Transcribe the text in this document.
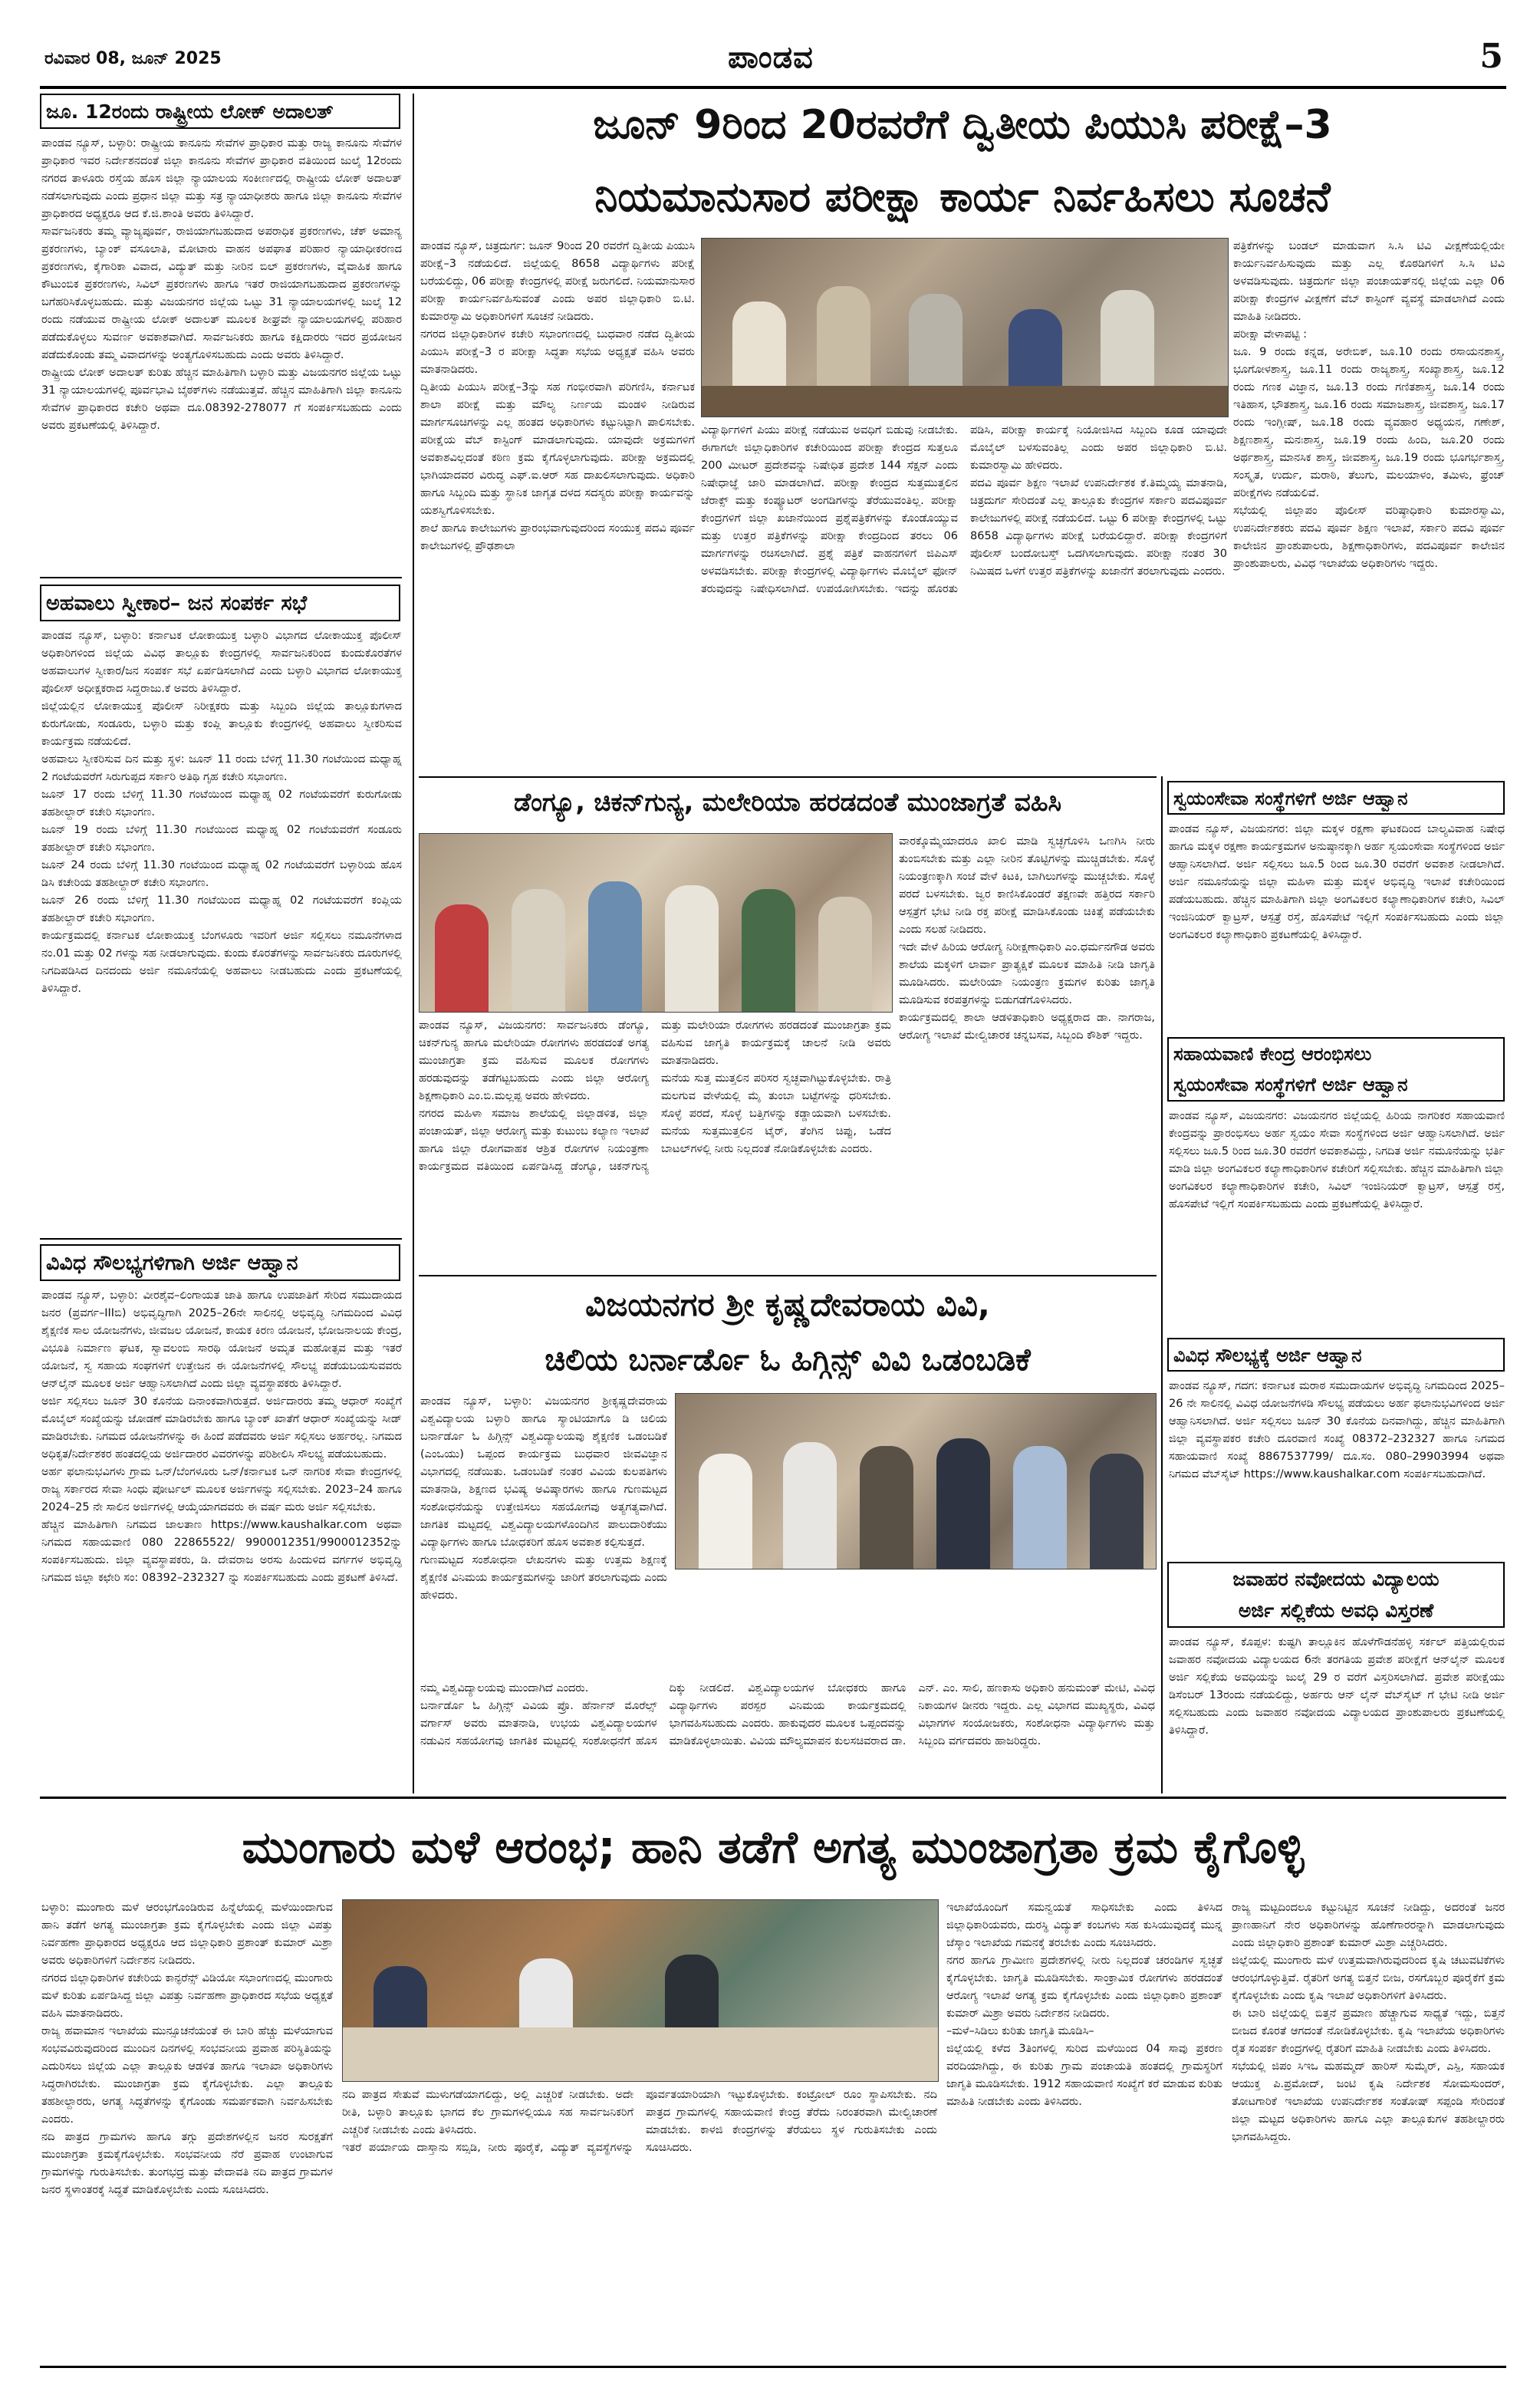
ರವಿವಾರ 08, ಜೂನ್ 2025	ಪಾಂಡವ	5
ಜೂ. 12ರಂದು ರಾಷ್ಟ್ರೀಯ ಲೋಕ್ ಅದಾಲತ್
ಪಾಂಡವ ನ್ಯೂಸ್, ಬಳ್ಳಾರಿ: ರಾಷ್ಟ್ರೀಯ ಕಾನೂನು ಸೇವೆಗಳ ಪ್ರಾಧಿಕಾರ ಮತ್ತು ರಾಜ್ಯ ಕಾನೂನು ಸೇವೆಗಳ ಪ್ರಾಧಿಕಾರ ಇವರ ನಿರ್ದೇಶನದಂತೆ ಜಿಲ್ಲಾ ಕಾನೂನು ಸೇವೆಗಳ ಪ್ರಾಧಿಕಾರ ವತಿಯಿಂದ ಜುಲೈ 12ರಂದು ನಗರದ ತಾಳೂರು ರಸ್ತೆಯ ಹೊಸ ಜಿಲ್ಲಾ ನ್ಯಾಯಾಲಯ ಸಂಕೀರ್ಣದಲ್ಲಿ ರಾಷ್ಟ್ರೀಯ ಲೋಕ್ ಅದಾಲತ್ ನಡೆಸಲಾಗುವುದು ಎಂದು ಪ್ರಧಾನ ಜಿಲ್ಲಾ ಮತ್ತು ಸತ್ರ ನ್ಯಾಯಾಧೀಶರು ಹಾಗೂ ಜಿಲ್ಲಾ ಕಾನೂನು ಸೇವೆಗಳ ಪ್ರಾಧಿಕಾರದ ಅಧ್ಯಕ್ಷರೂ ಆದ ಕೆ.ಜಿ.ಶಾಂತಿ ಅವರು ತಿಳಿಸಿದ್ದಾರೆ.
ಸಾರ್ವಜನಿಕರು ತಮ್ಮ ವ್ಯಾಜ್ಯಪೂರ್ವ, ರಾಜಿಯಾಗಬಹುದಾದ ಅಪರಾಧಿಕ ಪ್ರಕರಣಗಳು, ಚೆಕ್ ಅಮಾನ್ಯ ಪ್ರಕರಣಗಳು, ಬ್ಯಾಂಕ್ ವಸೂಲಾತಿ, ಮೋಟಾರು ವಾಹನ ಅಪಘಾತ ಪರಿಹಾರ ನ್ಯಾಯಾಧೀಕರಣದ ಪ್ರಕರಣಗಳು, ಕೈಗಾರಿಕಾ ವಿವಾದ, ವಿದ್ಯುತ್ ಮತ್ತು ನೀರಿನ ಬಿಲ್ ಪ್ರಕರಣಗಳು, ವೈವಾಹಿಕ ಹಾಗೂ ಕೌಟುಂಬಿಕ ಪ್ರಕರಣಗಳು, ಸಿವಿಲ್ ಪ್ರಕರಣಗಳು ಹಾಗೂ ಇತರೆ ರಾಜಿಯಾಗಬಹುದಾದ ಪ್ರಕರಣಗಳನ್ನು ಬಗೆಹರಿಸಿಕೊಳ್ಳಬಹುದು. ಮತ್ತು ವಿಜಯನಗರ ಜಿಲ್ಲೆಯ ಒಟ್ಟು 31 ನ್ಯಾಯಾಲಯಗಳಲ್ಲಿ ಜುಲೈ 12 ರಂದು ನಡೆಯುವ ರಾಷ್ಟ್ರೀಯ ಲೋಕ್ ಅದಾಲತ್ ಮೂಲಕ ಶೀಘ್ರವೇ ನ್ಯಾಯಾಲಯಗಳಲ್ಲಿ ಪರಿಹಾರ ಪಡೆದುಕೊಳ್ಳಲು ಸುವರ್ಣ ಅವಕಾಶವಾಗಿದೆ. ಸಾರ್ವಜನಿಕರು ಹಾಗೂ ಕಕ್ಷಿದಾರರು ಇದರ ಪ್ರಯೋಜನ ಪಡೆದುಕೊಂಡು ತಮ್ಮ ವಿವಾದಗಳನ್ನು ಅಂತ್ಯಗೊಳಿಸಬಹುದು ಎಂದು ಅವರು ತಿಳಿಸಿದ್ದಾರೆ.
ರಾಷ್ಟ್ರೀಯ ಲೋಕ್ ಅದಾಲತ್ ಕುರಿತು ಹೆಚ್ಚಿನ ಮಾಹಿತಿಗಾಗಿ ಬಳ್ಳಾರಿ ಮತ್ತು ವಿಜಯನಗರ ಜಿಲ್ಲೆಯ ಒಟ್ಟು 31 ನ್ಯಾಯಾಲಯಗಳಲ್ಲಿ ಪೂರ್ವಭಾವಿ ಬೈಠಕ್‌ಗಳು ನಡೆಯುತ್ತವೆ. ಹೆಚ್ಚಿನ ಮಾಹಿತಿಗಾಗಿ ಜಿಲ್ಲಾ ಕಾನೂನು ಸೇವೆಗಳ ಪ್ರಾಧಿಕಾರದ ಕಚೇರಿ ಅಥವಾ ದೂ.08392-278077 ಗೆ ಸಂಪರ್ಕಿಸಬಹುದು ಎಂದು ಅವರು ಪ್ರಕಟಣೆಯಲ್ಲಿ ತಿಳಿಸಿದ್ದಾರೆ.
ಅಹವಾಲು ಸ್ವೀಕಾರ– ಜನ ಸಂಪರ್ಕ ಸಭೆ
ಪಾಂಡವ ನ್ಯೂಸ್, ಬಳ್ಳಾರಿ: ಕರ್ನಾಟಕ ಲೋಕಾಯುಕ್ತ ಬಳ್ಳಾರಿ ವಿಭಾಗದ ಲೋಕಾಯುಕ್ತ ಪೊಲೀಸ್ ಅಧಿಕಾರಿಗಳಿಂದ ಜಿಲ್ಲೆಯ ವಿವಿಧ ತಾಲ್ಲೂಕು ಕೇಂದ್ರಗಳಲ್ಲಿ ಸಾರ್ವಜನಿಕರಿಂದ ಕುಂದುಕೊರತೆಗಳ ಅಹವಾಲುಗಳ ಸ್ವೀಕಾರ/ಜನ ಸಂಪರ್ಕ ಸಭೆ ಏರ್ಪಡಿಸಲಾಗಿದೆ ಎಂದು ಬಳ್ಳಾರಿ ವಿಭಾಗದ ಲೋಕಾಯುಕ್ತ ಪೊಲೀಸ್ ಅಧೀಕ್ಷಕರಾದ ಸಿದ್ದರಾಜು.ಕೆ ಅವರು ತಿಳಿಸಿದ್ದಾರೆ.
ಜಿಲ್ಲೆಯಲ್ಲಿನ ಲೋಕಾಯುಕ್ತ ಪೊಲೀಸ್ ನಿರೀಕ್ಷಕರು ಮತ್ತು ಸಿಬ್ಬಂದಿ ಜಿಲ್ಲೆಯ ತಾಲ್ಲೂಕುಗಳಾದ ಕುರುಗೋಡು, ಸಂಡೂರು, ಬಳ್ಳಾರಿ ಮತ್ತು ಕಂಪ್ಲಿ ತಾಲ್ಲೂಕು ಕೇಂದ್ರಗಳಲ್ಲಿ ಅಹವಾಲು ಸ್ವೀಕರಿಸುವ ಕಾರ್ಯಕ್ರಮ ನಡೆಯಲಿದೆ.
ಅಹವಾಲು ಸ್ವೀಕರಿಸುವ ದಿನ ಮತ್ತು ಸ್ಥಳ: ಜೂನ್ 11 ರಂದು ಬೆಳಿಗ್ಗೆ 11.30 ಗಂಟೆಯಿಂದ ಮಧ್ಯಾಹ್ನ 2 ಗಂಟೆಯವರೆಗೆ ಸಿರುಗುಪ್ಪದ ಸರ್ಕಾರಿ ಅತಿಥಿ ಗೃಹ ಕಚೇರಿ ಸಭಾಂಗಣ.
ಜೂನ್ 17 ರಂದು ಬೆಳಿಗ್ಗೆ 11.30 ಗಂಟೆಯಿಂದ ಮಧ್ಯಾಹ್ನ 02 ಗಂಟೆಯವರೆಗೆ ಕುರುಗೋಡು ತಹಶೀಲ್ದಾರ್ ಕಚೇರಿ ಸಭಾಂಗಣ.
ಜೂನ್ 19 ರಂದು ಬೆಳಿಗ್ಗೆ 11.30 ಗಂಟೆಯಿಂದ ಮಧ್ಯಾಹ್ನ 02 ಗಂಟೆಯವರೆಗೆ ಸಂಡೂರು ತಹಶೀಲ್ದಾರ್ ಕಚೇರಿ ಸಭಾಂಗಣ.
ಜೂನ್ 24 ರಂದು ಬೆಳಿಗ್ಗೆ 11.30 ಗಂಟೆಯಿಂದ ಮಧ್ಯಾಹ್ನ 02 ಗಂಟೆಯವರೆಗೆ ಬಳ್ಳಾರಿಯ ಹೊಸ ಡಿಸಿ ಕಚೇರಿಯ ತಹಶೀಲ್ದಾರ್ ಕಚೇರಿ ಸಭಾಂಗಣ.
ಜೂನ್ 26 ರಂದು ಬೆಳಿಗ್ಗೆ 11.30 ಗಂಟೆಯಿಂದ ಮಧ್ಯಾಹ್ನ 02 ಗಂಟೆಯವರೆಗೆ ಕಂಪ್ಲಿಯ ತಹಶೀಲ್ದಾರ್ ಕಚೇರಿ ಸಭಾಂಗಣ.
ಕಾರ್ಯಕ್ರಮದಲ್ಲಿ ಕರ್ನಾಟಕ ಲೋಕಾಯುಕ್ತ ಬೆಂಗಳೂರು ಇವರಿಗೆ ಅರ್ಜಿ ಸಲ್ಲಿಸಲು ನಮೂನೆಗಳಾದ ನಂ.01 ಮತ್ತು 02 ಗಳನ್ನು ಸಹ ನೀಡಲಾಗುವುದು. ಕುಂದು ಕೊರತೆಗಳನ್ನು ಸಾರ್ವಜನಿಕರು ದೂರುಗಳಲ್ಲಿ ನಿಗದಿಪಡಿಸಿದ ದಿನದಂದು ಅರ್ಜಿ ನಮೂನೆಯಲ್ಲಿ ಅಹವಾಲು ನೀಡಬಹುದು ಎಂದು ಪ್ರಕಟಣೆಯಲ್ಲಿ ತಿಳಿಸಿದ್ದಾರೆ.
ವಿವಿಧ ಸೌಲಭ್ಯಗಳಿಗಾಗಿ ಅರ್ಜಿ ಆಹ್ವಾನ
ಪಾಂಡವ ನ್ಯೂಸ್, ಬಳ್ಳಾರಿ: ವೀರಶೈವ–ಲಿಂಗಾಯತ ಜಾತಿ ಹಾಗೂ ಉಪಜಾತಿಗೆ ಸೇರಿದ ಸಮುದಾಯದ ಜನರ (ಪ್ರವರ್ಗ–IIIಬಿ) ಅಭಿವೃದ್ಧಿಗಾಗಿ 2025–26ನೇ ಸಾಲಿನಲ್ಲಿ ಅಭಿವೃದ್ಧಿ ನಿಗಮದಿಂದ ವಿವಿಧ ಶೈಕ್ಷಣಿಕ ಸಾಲ ಯೋಜನೆಗಳು, ಜೀವಜಲ ಯೋಜನೆ, ಕಾಯಕ ಕಿರಣ ಯೋಜನೆ, ಭೋಜನಾಲಯ ಕೇಂದ್ರ, ವಿಭೂತಿ ನಿರ್ಮಾಣ ಘಟಕ, ಸ್ವಾವಲಂಬಿ ಸಾರಥಿ ಯೋಜನೆ ಅಮೃತ ಮಹೋತ್ಸವ ಮತ್ತು ಇತರೆ ಯೋಜನೆ, ಸ್ವ ಸಹಾಯ ಸಂಘಗಳಿಗೆ ಉತ್ತೇಜನ ಈ ಯೋಜನೆಗಳಲ್ಲಿ ಸೌಲಭ್ಯ ಪಡೆಯಬಯಸುವವರು ಆನ್‌ಲೈನ್ ಮೂಲಕ ಅರ್ಜಿ ಆಹ್ವಾನಿಸಲಾಗಿದೆ ಎಂದು ಜಿಲ್ಲಾ ವ್ಯವಸ್ಥಾಪಕರು ತಿಳಿಸಿದ್ದಾರೆ.
ಅರ್ಜಿ ಸಲ್ಲಿಸಲು ಜೂನ್ 30 ಕೊನೆಯ ದಿನಾಂಕವಾಗಿರುತ್ತದೆ. ಅರ್ಜಿದಾರರು ತಮ್ಮ ಆಧಾರ್ ಸಂಖ್ಯೆಗೆ ಮೊಬೈಲ್ ಸಂಖ್ಯೆಯನ್ನು ಜೋಡಣೆ ಮಾಡಿರಬೇಕು ಹಾಗೂ ಬ್ಯಾಂಕ್ ಖಾತೆಗೆ ಆಧಾರ್ ಸಂಖ್ಯೆಯನ್ನು ಸೀಡ್ ಮಾಡಿರಬೇಕು. ನಿಗಮದ ಯೋಜನೆಗಳನ್ನು ಈ ಹಿಂದೆ ಪಡೆದವರು ಅರ್ಜಿ ಸಲ್ಲಿಸಲು ಅರ್ಹರಲ್ಲ. ನಿಗಮದ ಅಧಿಕೃತ/ನಿರ್ದೇಶಕರ ಹಂತದಲ್ಲಿಯ ಅರ್ಜಿದಾರರ ವಿವರಗಳನ್ನು ಪರಿಶೀಲಿಸಿ ಸೌಲಭ್ಯ ಪಡೆಯಬಹುದು.
ಅರ್ಹ ಫಲಾನುಭವಿಗಳು ಗ್ರಾಮ ಒನ್/ಬೆಂಗಳೂರು ಒನ್/ಕರ್ನಾಟಕ ಒನ್ ನಾಗರಿಕ ಸೇವಾ ಕೇಂದ್ರಗಳಲ್ಲಿ ರಾಜ್ಯ ಸರ್ಕಾರದ ಸೇವಾ ಸಿಂಧು ಪೋರ್ಟಲ್ ಮೂಲಕ ಅರ್ಜಿಗಳನ್ನು ಸಲ್ಲಿಸಬೇಕು. 2023–24 ಹಾಗೂ 2024–25 ನೇ ಸಾಲಿನ ಅರ್ಜಿಗಳಲ್ಲಿ ಆಯ್ಕೆಯಾಗದವರು ಈ ವರ್ಷ ಮರು ಅರ್ಜಿ ಸಲ್ಲಿಸಬೇಕು.
ಹೆಚ್ಚಿನ ಮಾಹಿತಿಗಾಗಿ ನಿಗಮದ ಜಾಲತಾಣ https://www.kaushalkar.com ಅಥವಾ ನಿಗಮದ ಸಹಾಯವಾಣಿ 080 22865522/ 9900012351/9900012352ನ್ನು ಸಂಪರ್ಕಿಸಬಹುದು. ಜಿಲ್ಲಾ ವ್ಯವಸ್ಥಾಪಕರು, ಡಿ. ದೇವರಾಜ ಅರಸು ಹಿಂದುಳಿದ ವರ್ಗಗಳ ಅಭಿವೃದ್ಧಿ ನಿಗಮದ ಜಿಲ್ಲಾ ಕಛೇರಿ ಸಂ: 08392–232327 ನ್ನು ಸಂಪರ್ಕಿಸಬಹುದು ಎಂದು ಪ್ರಕಟಣೆ ತಿಳಿಸಿದೆ.
ಜೂನ್ 9ರಿಂದ 20ರವರೆಗೆ ದ್ವಿತೀಯ ಪಿಯುಸಿ ಪರೀಕ್ಷೆ–3
ನಿಯಮಾನುಸಾರ ಪರೀಕ್ಷಾ ಕಾರ್ಯ ನಿರ್ವಹಿಸಲು ಸೂಚನೆ
ಪಾಂಡವ ನ್ಯೂಸ್, ಚಿತ್ರದುರ್ಗ: ಜೂನ್ 9ರಿಂದ 20 ರವರೆಗೆ ದ್ವಿತೀಯ ಪಿಯುಸಿ ಪರೀಕ್ಷೆ–3 ನಡೆಯಲಿದೆ. ಜಿಲ್ಲೆಯಲ್ಲಿ 8658 ವಿದ್ಯಾರ್ಥಿಗಳು ಪರೀಕ್ಷೆ ಬರೆಯಲಿದ್ದು, 06 ಪರೀಕ್ಷಾ ಕೇಂದ್ರಗಳಲ್ಲಿ ಪರೀಕ್ಷೆ ಜರುಗಲಿದೆ. ನಿಯಮಾನುಸಾರ ಪರೀಕ್ಷಾ ಕಾರ್ಯನಿರ್ವಹಿಸುವಂತೆ ಎಂದು ಅಪರ ಜಿಲ್ಲಾಧಿಕಾರಿ ಬಿ.ಟಿ. ಕುಮಾರಸ್ವಾಮಿ ಅಧಿಕಾರಿಗಳಿಗೆ ಸೂಚನೆ ನೀಡಿದರು.
ನಗರದ ಜಿಲ್ಲಾಧಿಕಾರಿಗಳ ಕಚೇರಿ ಸಭಾಂಗಣದಲ್ಲಿ ಬುಧವಾರ ನಡೆದ ದ್ವಿತೀಯ ಪಿಯುಸಿ ಪರೀಕ್ಷೆ–3 ರ ಪರೀಕ್ಷಾ ಸಿದ್ಧತಾ ಸಭೆಯ ಅಧ್ಯಕ್ಷತೆ ವಹಿಸಿ ಅವರು ಮಾತನಾಡಿದರು.
ದ್ವಿತೀಯ ಪಿಯುಸಿ ಪರೀಕ್ಷೆ–3ನ್ನು ಸಹ ಗಂಭೀರವಾಗಿ ಪರಿಗಣಿಸಿ, ಕರ್ನಾಟಕ ಶಾಲಾ ಪರೀಕ್ಷೆ ಮತ್ತು ಮೌಲ್ಯ ನಿರ್ಣಯ ಮಂಡಳಿ ನೀಡಿರುವ ಮಾರ್ಗಸೂಚಿಗಳನ್ನು ಎಲ್ಲ ಹಂತದ ಅಧಿಕಾರಿಗಳು ಕಟ್ಟುನಿಟ್ಟಾಗಿ ಪಾಲಿಸಬೇಕು. ಪರೀಕ್ಷೆಯ ವೆಬ್ ಕಾಸ್ಟಿಂಗ್ ಮಾಡಲಾಗುವುದು. ಯಾವುದೇ ಅಕ್ರಮಗಳಿಗೆ ಅವಕಾಶವಿಲ್ಲದಂತೆ ಕಠಿಣ ಕ್ರಮ ಕೈಗೊಳ್ಳಲಾಗುವುದು. ಪರೀಕ್ಷಾ ಅಕ್ರಮದಲ್ಲಿ ಭಾಗಿಯಾದವರ ವಿರುದ್ಧ ಎಫ್.ಐ.ಆರ್ ಸಹ ದಾಖಲಿಸಲಾಗುವುದು. ಅಧಿಕಾರಿ ಹಾಗೂ ಸಿಬ್ಬಂದಿ ಮತ್ತು ಸ್ಥಾನಿಕ ಜಾಗೃತ ದಳದ ಸದಸ್ಯರು ಪರೀಕ್ಷಾ ಕಾರ್ಯವನ್ನು ಯಶಸ್ವಿಗೊಳಿಸಬೇಕು.
ಶಾಲೆ ಹಾಗೂ ಕಾಲೇಜುಗಳು ಪ್ರಾರಂಭವಾಗುವುದರಿಂದ ಸಂಯುಕ್ತ ಪದವಿ ಪೂರ್ವ ಕಾಲೇಜುಗಳಲ್ಲಿ ಪ್ರೌಢಶಾಲಾ
ವಿದ್ಯಾರ್ಥಿಗಳಿಗೆ ಪಿಯು ಪರೀಕ್ಷೆ ನಡೆಯುವ ಅವಧಿಗೆ ಬಿಡುವು ನೀಡಬೇಕು. ಈಗಾಗಲೇ ಜಿಲ್ಲಾಧಿಕಾರಿಗಳ ಕಚೇರಿಯಿಂದ ಪರೀಕ್ಷಾ ಕೇಂದ್ರದ ಸುತ್ತಲೂ 200 ಮೀಟರ್ ಪ್ರದೇಶವನ್ನು ನಿಷೇಧಿತ ಪ್ರದೇಶ 144 ಸೆಕ್ಷನ್ ಎಂದು ನಿಷೇಧಾಜ್ಞೆ ಜಾರಿ ಮಾಡಲಾಗಿದೆ. ಪರೀಕ್ಷಾ ಕೇಂದ್ರದ ಸುತ್ತಮುತ್ತಲಿನ ಜೆರಾಕ್ಸ್ ಮತ್ತು ಕಂಪ್ಯೂಟರ್ ಅಂಗಡಿಗಳನ್ನು ತೆರೆಯುವಂತಿಲ್ಲ. ಪರೀಕ್ಷಾ ಕೇಂದ್ರಗಳಿಗೆ ಜಿಲ್ಲಾ ಖಜಾನೆಯಿಂದ ಪ್ರಶ್ನೆಪತ್ರಿಕೆಗಳನ್ನು ಕೊಂಡೊಯ್ಯುವ ಮತ್ತು ಉತ್ತರ ಪತ್ರಿಕೆಗಳನ್ನು ಪರೀಕ್ಷಾ ಕೇಂದ್ರದಿಂದ ತರಲು 06 ಮಾರ್ಗಗಳನ್ನು ರಚಿಸಲಾಗಿದೆ. ಪ್ರಶ್ನೆ ಪತ್ರಿಕೆ ವಾಹನಗಳಿಗೆ ಜಿಪಿಎಸ್ ಅಳವಡಿಸಬೇಕು. ಪರೀಕ್ಷಾ ಕೇಂದ್ರಗಳಲ್ಲಿ ವಿದ್ಯಾರ್ಥಿಗಳು ಮೊಬೈಲ್ ಫೋನ್ ತರುವುದನ್ನು ನಿಷೇಧಿಸಲಾಗಿದೆ. ಉಪಯೋಗಿಸಬೇಕು. ಇದನ್ನು ಹೊರತು ಪಡಿಸಿ, ಪರೀಕ್ಷಾ ಕಾರ್ಯಕ್ಕೆ ನಿಯೋಜಿಸಿದ ಸಿಬ್ಬಂದಿ ಕೂಡ ಯಾವುದೇ ಮೊಬೈಲ್ ಬಳಸುವಂತಿಲ್ಲ ಎಂದು ಅಪರ ಜಿಲ್ಲಾಧಿಕಾರಿ ಬಿ.ಟಿ. ಕುಮಾರಸ್ವಾಮಿ ಹೇಳಿದರು.
ಪದವಿ ಪೂರ್ವ ಶಿಕ್ಷಣ ಇಲಾಖೆ ಉಪನಿರ್ದೇಶಕ ಕೆ.ತಿಮ್ಮಯ್ಯ ಮಾತನಾಡಿ, ಚಿತ್ರದುರ್ಗ ಸೇರಿದಂತೆ ಎಲ್ಲ ತಾಲ್ಲೂಕು ಕೇಂದ್ರಗಳ ಸರ್ಕಾರಿ ಪದವಿಪೂರ್ವ ಕಾಲೇಜುಗಳಲ್ಲಿ ಪರೀಕ್ಷೆ ನಡೆಯಲಿದೆ. ಒಟ್ಟು 6 ಪರೀಕ್ಷಾ ಕೇಂದ್ರಗಳಲ್ಲಿ ಒಟ್ಟು 8658 ವಿದ್ಯಾರ್ಥಿಗಳು ಪರೀಕ್ಷೆ ಬರೆಯಲಿದ್ದಾರೆ. ಪರೀಕ್ಷಾ ಕೇಂದ್ರಗಳಿಗೆ ಪೊಲೀಸ್ ಬಂದೋಬಸ್ತ್ ಒದಗಿಸಲಾಗುವುದು. ಪರೀಕ್ಷಾ ನಂತರ 30 ನಿಮಿಷದ ಒಳಗೆ ಉತ್ತರ ಪತ್ರಿಕೆಗಳನ್ನು ಖಜಾನೆಗೆ ತರಲಾಗುವುದು ಎಂದರು.
ಪತ್ರಿಕೆಗಳನ್ನು ಬಂಡಲ್ ಮಾಡುವಾಗ ಸಿ.ಸಿ ಟಿವಿ ವೀಕ್ಷಣೆಯಲ್ಲಿಯೇ ಕಾರ್ಯನಿರ್ವಹಿಸುವುದು ಮತ್ತು ಎಲ್ಲ ಕೊಠಡಿಗಳಿಗೆ ಸಿ.ಸಿ ಟಿವಿ ಅಳವಡಿಸುವುದು. ಚಿತ್ರದುರ್ಗ ಜಿಲ್ಲಾ ಪಂಚಾಯತ್‌ನಲ್ಲಿ ಜಿಲ್ಲೆಯ ಎಲ್ಲಾ 06 ಪರೀಕ್ಷಾ ಕೇಂದ್ರಗಳ ವೀಕ್ಷಣೆಗೆ ವೆಬ್ ಕಾಸ್ಟಿಂಗ್ ವ್ಯವಸ್ಥೆ ಮಾಡಲಾಗಿದೆ ಎಂದು ಮಾಹಿತಿ ನೀಡಿದರು.
ಪರೀಕ್ಷಾ ವೇಳಾಪಟ್ಟಿ :
ಜೂ. 9 ರಂದು ಕನ್ನಡ, ಅರೇಬಿಕ್, ಜೂ.10 ರಂದು ರಸಾಯನಶಾಸ್ತ್ರ, ಭೂಗೋಳಶಾಸ್ತ್ರ, ಜೂ.11 ರಂದು ರಾಜ್ಯಶಾಸ್ತ್ರ, ಸಂಖ್ಯಾಶಾಸ್ತ್ರ, ಜೂ.12 ರಂದು ಗಣಕ ವಿಜ್ಞಾನ, ಜೂ.13 ರಂದು ಗಣಿತಶಾಸ್ತ್ರ, ಜೂ.14 ರಂದು ಇತಿಹಾಸ, ಭೌತಶಾಸ್ತ್ರ, ಜೂ.16 ರಂದು ಸಮಾಜಶಾಸ್ತ್ರ, ಜೀವಶಾಸ್ತ್ರ, ಜೂ.17 ರಂದು ಇಂಗ್ಲೀಷ್, ಜೂ.18 ರಂದು ವ್ಯವಹಾರ ಅಧ್ಯಯನ, ಗಣೇಶ್, ಶಿಕ್ಷಣಶಾಸ್ತ್ರ, ಮನಃಶಾಸ್ತ್ರ, ಜೂ.19 ರಂದು ಹಿಂದಿ, ಜೂ.20 ರಂದು ಅರ್ಥಶಾಸ್ತ್ರ, ಮಾನಸಿಕ ಶಾಸ್ತ್ರ, ಜೀವಶಾಸ್ತ್ರ, ಜೂ.19 ರಂದು ಭೂಗರ್ಭಶಾಸ್ತ್ರ, ಸಂಸ್ಕೃತ, ಉರ್ದು, ಮರಾಠಿ, ತೆಲುಗು, ಮಲಯಾಳಂ, ತಮಿಳು, ಫ್ರೆಂಚ್ ಪರೀಕ್ಷೆಗಳು ನಡೆಯಲಿವೆ.
ಸಭೆಯಲ್ಲಿ ಜಿಲ್ಲಾಪಂ ಪೊಲೀಸ್ ವರಿಷ್ಠಾಧಿಕಾರಿ ಕುಮಾರಸ್ವಾಮಿ, ಉಪನಿರ್ದೇಶಕರು ಪದವಿ ಪೂರ್ವ ಶಿಕ್ಷಣ ಇಲಾಖೆ, ಸರ್ಕಾರಿ ಪದವಿ ಪೂರ್ವ ಕಾಲೇಜಿನ ಪ್ರಾಂಶುಪಾಲರು, ಶಿಕ್ಷಣಾಧಿಕಾರಿಗಳು, ಪದವಿಪೂರ್ವ ಕಾಲೇಜಿನ ಪ್ರಾಂಶುಪಾಲರು, ವಿವಿಧ ಇಲಾಖೆಯ ಅಧಿಕಾರಿಗಳು ಇದ್ದರು.
ಡೆಂಗ್ಯೂ, ಚಿಕನ್‌ಗುನ್ಯ, ಮಲೇರಿಯಾ ಹರಡದಂತೆ ಮುಂಜಾಗ್ರತೆ ವಹಿಸಿ
ವಾರಕ್ಕೊಮ್ಮೆಯಾದರೂ ಖಾಲಿ ಮಾಡಿ ಸ್ವಚ್ಛಗೊಳಿಸಿ ಒಣಗಿಸಿ ನೀರು ತುಂಬಿಸಬೇಕು ಮತ್ತು ಎಲ್ಲಾ ನೀರಿನ ತೊಟ್ಟಿಗಳನ್ನು ಮುಚ್ಚಿಡಬೇಕು. ಸೊಳ್ಳೆ ನಿಯಂತ್ರಣಕ್ಕಾಗಿ ಸಂಜೆ ವೇಳೆ ಕಿಟಕಿ, ಬಾಗಿಲುಗಳನ್ನು ಮುಚ್ಚಬೇಕು. ಸೊಳ್ಳೆ ಪರದೆ ಬಳಸಬೇಕು. ಜ್ವರ ಕಾಣಿಸಿಕೊಂಡರೆ ತಕ್ಷಣವೇ ಹತ್ತಿರದ ಸರ್ಕಾರಿ ಆಸ್ಪತ್ರೆಗೆ ಭೇಟಿ ನೀಡಿ ರಕ್ತ ಪರೀಕ್ಷೆ ಮಾಡಿಸಿಕೊಂಡು ಚಿಕಿತ್ಸೆ ಪಡೆಯಬೇಕು ಎಂದು ಸಲಹೆ ನೀಡಿದರು.
ಇದೇ ವೇಳೆ ಹಿರಿಯ ಆರೋಗ್ಯ ನಿರೀಕ್ಷಣಾಧಿಕಾರಿ ಎಂ.ಧರ್ಮನಗೌಡ ಅವರು ಶಾಲೆಯ ಮಕ್ಕಳಿಗೆ ಲಾರ್ವಾ ಪ್ರಾತ್ಯಕ್ಷಿಕೆ ಮೂಲಕ ಮಾಹಿತಿ ನೀಡಿ ಜಾಗೃತಿ ಮೂಡಿಸಿದರು. ಮಲೇರಿಯಾ ನಿಯಂತ್ರಣ ಕ್ರಮಗಳ ಕುರಿತು ಜಾಗೃತಿ ಮೂಡಿಸುವ ಕರಪತ್ರಗಳನ್ನು ಬಿಡುಗಡೆಗೊಳಿಸಿದರು.
ಕಾರ್ಯಕ್ರಮದಲ್ಲಿ ಶಾಲಾ ಆಡಳಿತಾಧಿಕಾರಿ ಅಧ್ಯಕ್ಷರಾದ ಡಾ. ನಾಗರಾಜ, ಆರೋಗ್ಯ ಇಲಾಖೆ ಮೇಲ್ವಿಚಾರಕ ಚನ್ನಬಸವ, ಸಿಬ್ಬಂದಿ ಕೌಶಿಕ್ ಇದ್ದರು.
ಪಾಂಡವ ನ್ಯೂಸ್, ವಿಜಯನಗರ: ಸಾರ್ವಜನಿಕರು ಡೆಂಗ್ಯೂ, ಚಿಕನ್‌ಗುನ್ಯ ಹಾಗೂ ಮಲೇರಿಯಾ ರೋಗಗಳು ಹರಡದಂತೆ ಅಗತ್ಯ ಮುಂಜಾಗ್ರತಾ ಕ್ರಮ ವಹಿಸುವ ಮೂಲಕ ರೋಗಗಳು ಹರಡುವುದನ್ನು ತಡೆಗಟ್ಟಬಹುದು ಎಂದು ಜಿಲ್ಲಾ ಆರೋಗ್ಯ ಶಿಕ್ಷಣಾಧಿಕಾರಿ ಎಂ.ಬಿ.ಮಲ್ಲಪ್ಪ ಅವರು ಹೇಳಿದರು.
ನಗರದ ಮಹಿಳಾ ಸಮಾಜ ಶಾಲೆಯಲ್ಲಿ ಜಿಲ್ಲಾಡಳಿತ, ಜಿಲ್ಲಾ ಪಂಚಾಯತ್, ಜಿಲ್ಲಾ ಆರೋಗ್ಯ ಮತ್ತು ಕುಟುಂಬ ಕಲ್ಯಾಣ ಇಲಾಖೆ ಹಾಗೂ ಜಿಲ್ಲಾ ರೋಗವಾಹಕ ಆಶ್ರಿತ ರೋಗಗಳ ನಿಯಂತ್ರಣಾ ಕಾರ್ಯಕ್ರಮದ ವತಿಯಿಂದ ಏರ್ಪಡಿಸಿದ್ದ ಡೆಂಗ್ಯೂ, ಚಿಕನ್‌ಗುನ್ಯ ಮತ್ತು ಮಲೇರಿಯಾ ರೋಗಗಳು ಹರಡದಂತೆ ಮುಂಜಾಗ್ರತಾ ಕ್ರಮ ವಹಿಸುವ ಜಾಗೃತಿ ಕಾರ್ಯಕ್ರಮಕ್ಕೆ ಚಾಲನೆ ನೀಡಿ ಅವರು ಮಾತನಾಡಿದರು.
ಮನೆಯ ಸುತ್ತ ಮುತ್ತಲಿನ ಪರಿಸರ ಸ್ವಚ್ಛವಾಗಿಟ್ಟುಕೊಳ್ಳಬೇಕು. ರಾತ್ರಿ ಮಲಗುವ ವೇಳೆಯಲ್ಲಿ ಮೈ ತುಂಬಾ ಬಟ್ಟೆಗಳನ್ನು ಧರಿಸಬೇಕು. ಸೊಳ್ಳೆ ಪರದೆ, ಸೊಳ್ಳೆ ಬತ್ತಿಗಳನ್ನು ಕಡ್ಡಾಯವಾಗಿ ಬಳಸಬೇಕು. ಮನೆಯ ಸುತ್ತಮುತ್ತಲಿನ ಟೈರ್, ತೆಂಗಿನ ಚಿಪ್ಪು, ಒಡೆದ ಬಾಟಲ್‌ಗಳಲ್ಲಿ ನೀರು ನಿಲ್ಲದಂತೆ ನೋಡಿಕೊಳ್ಳಬೇಕು ಎಂದರು.
ವಿಜಯನಗರ ಶ್ರೀ ಕೃಷ್ಣದೇವರಾಯ ವಿವಿ,
ಚಿಲಿಯ ಬರ್ನಾರ್ಡೊ ಓ ಹಿಗ್ಗಿನ್ಸ್ ವಿವಿ ಒಡಂಬಡಿಕೆ
ಪಾಂಡವ ನ್ಯೂಸ್, ಬಳ್ಳಾರಿ: ವಿಜಯನಗರ ಶ್ರೀಕೃಷ್ಣದೇವರಾಯ ವಿಶ್ವವಿದ್ಯಾಲಯ ಬಳ್ಳಾರಿ ಹಾಗೂ ಸ್ಯಾಂಟಿಯಾಗೊ ಡಿ ಚಿಲಿಯ ಬರ್ನಾರ್ಡೊ ಓ ಹಿಗ್ಗಿನ್ಸ್ ವಿಶ್ವವಿದ್ಯಾಲಯವು ಶೈಕ್ಷಣಿಕ ಒಡಂಬಡಿಕೆ (ಎಂಒಯು) ಒಪ್ಪಂದ ಕಾರ್ಯಕ್ರಮ ಬುಧವಾರ ಜೀವವಿಜ್ಞಾನ ವಿಭಾಗದಲ್ಲಿ ನಡೆಯಿತು. ಒಡಂಬಡಿಕೆ ನಂತರ ವಿವಿಯ ಕುಲಪತಿಗಳು ಮಾತನಾಡಿ, ಶಿಕ್ಷಣದ ಭವಿಷ್ಯ ಅವಿಷ್ಕಾರಗಳು ಹಾಗೂ ಗುಣಮಟ್ಟದ ಸಂಶೋಧನೆಯನ್ನು ಉತ್ತೇಜಿಸಲು ಸಹಯೋಗವು ಅತ್ಯಗತ್ಯವಾಗಿದೆ. ಜಾಗತಿಕ ಮಟ್ಟದಲ್ಲಿ ವಿಶ್ವವಿದ್ಯಾಲಯಗಳೊಂದಿಗಿನ ಪಾಲುದಾರಿಕೆಯು ವಿದ್ಯಾರ್ಥಿಗಳು ಹಾಗೂ ಬೋಧಕರಿಗೆ ಹೊಸ ಅವಕಾಶ ಕಲ್ಪಿಸುತ್ತದೆ.
ಗುಣಮಟ್ಟದ ಸಂಶೋಧನಾ ಲೇಖನಗಳು ಮತ್ತು ಉತ್ತಮ ಶಿಕ್ಷಣಕ್ಕೆ ಶೈಕ್ಷಣಿಕ ವಿನಿಮಯ ಕಾರ್ಯಕ್ರಮಗಳನ್ನು ಜಾರಿಗೆ ತರಲಾಗುವುದು ಎಂದು ಹೇಳಿದರು.
ನಮ್ಮ ವಿಶ್ವವಿದ್ಯಾಲಯವು ಮುಂದಾಗಿದೆ ಎಂದರು.
ಬರ್ನಾರ್ಡೊ ಓ ಹಿಗ್ಗಿನ್ಸ್ ವಿವಿಯ ಪ್ರೊ. ಹೆರ್ನಾನ್ ಮೊರೆಲ್ಸ್ ವರ್ಗಾಸ್ ಅವರು ಮಾತನಾಡಿ, ಉಭಯ ವಿಶ್ವವಿದ್ಯಾಲಯಗಳ ನಡುವಿನ ಸಹಯೋಗವು ಜಾಗತಿಕ ಮಟ್ಟದಲ್ಲಿ ಸಂಶೋಧನೆಗೆ ಹೊಸ ದಿಕ್ಕು ನೀಡಲಿದೆ. ವಿಶ್ವವಿದ್ಯಾಲಯಗಳ ಬೋಧಕರು ಹಾಗೂ ವಿದ್ಯಾರ್ಥಿಗಳು ಪರಸ್ಪರ ವಿನಿಮಯ ಕಾರ್ಯಕ್ರಮದಲ್ಲಿ ಭಾಗವಹಿಸಬಹುದು ಎಂದರು. ಹಾಕುವುದರ ಮೂಲಕ ಒಪ್ಪಂದವನ್ನು ಮಾಡಿಕೊಳ್ಳಲಾಯಿತು. ವಿವಿಯ ಮೌಲ್ಯಮಾಪನ ಕುಲಸಚಿವರಾದ ಡಾ. ಎನ್. ಎಂ. ಸಾಲಿ, ಹಣಕಾಸು ಅಧಿಕಾರಿ ಹನುಮಂತ್ ಮೇಟಿ, ವಿವಿಧ ನಿಕಾಯಗಳ ಡೀನರು ಇದ್ದರು. ಎಲ್ಲ ವಿಭಾಗದ ಮುಖ್ಯಸ್ಥರು, ವಿವಿಧ ವಿಭಾಗಗಳ ಸಂಯೋಜಕರು, ಸಂಶೋಧನಾ ವಿದ್ಯಾರ್ಥಿಗಳು ಮತ್ತು ಸಿಬ್ಬಂದಿ ವರ್ಗದವರು ಹಾಜರಿದ್ದರು.
ಸ್ವಯಂಸೇವಾ ಸಂಸ್ಥೆಗಳಿಗೆ ಅರ್ಜಿ ಆಹ್ವಾನ
ಪಾಂಡವ ನ್ಯೂಸ್, ವಿಜಯನಗರ: ಜಿಲ್ಲಾ ಮಕ್ಕಳ ರಕ್ಷಣಾ ಘಟಕದಿಂದ ಬಾಲ್ಯವಿವಾಹ ನಿಷೇಧ ಹಾಗೂ ಮಕ್ಕಳ ರಕ್ಷಣಾ ಕಾರ್ಯಕ್ರಮಗಳ ಅನುಷ್ಠಾನಕ್ಕಾಗಿ ಅರ್ಹ ಸ್ವಯಂಸೇವಾ ಸಂಸ್ಥೆಗಳಿಂದ ಅರ್ಜಿ ಆಹ್ವಾನಿಸಲಾಗಿದೆ. ಅರ್ಜಿ ಸಲ್ಲಿಸಲು ಜೂ.5 ರಿಂದ ಜೂ.30 ರವರೆಗೆ ಅವಕಾಶ ನೀಡಲಾಗಿದೆ. ಅರ್ಜಿ ನಮೂನೆಯನ್ನು ಜಿಲ್ಲಾ ಮಹಿಳಾ ಮತ್ತು ಮಕ್ಕಳ ಅಭಿವೃದ್ಧಿ ಇಲಾಖೆ ಕಚೇರಿಯಿಂದ ಪಡೆಯಬಹುದು. ಹೆಚ್ಚಿನ ಮಾಹಿತಿಗಾಗಿ ಜಿಲ್ಲಾ ಅಂಗವಿಕಲರ ಕಲ್ಯಾಣಾಧಿಕಾರಿಗಳ ಕಚೇರಿ, ಸಿವಿಲ್ ಇಂಜಿನಿಯರ್ ಕ್ವಾಟ್ರಸ್, ಆಸ್ಪತ್ರೆ ರಸ್ತೆ, ಹೊಸಪೇಟೆ ಇಲ್ಲಿಗೆ ಸಂಪರ್ಕಿಸಬಹುದು ಎಂದು ಜಿಲ್ಲಾ ಅಂಗವಿಕಲರ ಕಲ್ಯಾಣಾಧಿಕಾರಿ ಪ್ರಕಟಣೆಯಲ್ಲಿ ತಿಳಿಸಿದ್ದಾರೆ.
ಸಹಾಯವಾಣಿ ಕೇಂದ್ರ ಆರಂಭಿಸಲು
ಸ್ವಯಂಸೇವಾ ಸಂಸ್ಥೆಗಳಿಗೆ ಅರ್ಜಿ ಆಹ್ವಾನ
ಪಾಂಡವ ನ್ಯೂಸ್, ವಿಜಯನಗರ: ವಿಜಯನಗರ ಜಿಲ್ಲೆಯಲ್ಲಿ ಹಿರಿಯ ನಾಗರಿಕರ ಸಹಾಯವಾಣಿ ಕೇಂದ್ರವನ್ನು ಪ್ರಾರಂಭಿಸಲು ಅರ್ಹ ಸ್ವಯಂ ಸೇವಾ ಸಂಸ್ಥೆಗಳಿಂದ ಅರ್ಜಿ ಆಹ್ವಾನಿಸಲಾಗಿದೆ. ಅರ್ಜಿ ಸಲ್ಲಿಸಲು ಜೂ.5 ರಿಂದ ಜೂ.30 ರವರೆಗೆ ಅವಕಾಶವಿದ್ದು, ನಿಗದಿತ ಅರ್ಜಿ ನಮೂನೆಯನ್ನು ಭರ್ತಿ ಮಾಡಿ ಜಿಲ್ಲಾ ಅಂಗವಿಕಲರ ಕಲ್ಯಾಣಾಧಿಕಾರಿಗಳ ಕಚೇರಿಗೆ ಸಲ್ಲಿಸಬೇಕು. ಹೆಚ್ಚಿನ ಮಾಹಿತಿಗಾಗಿ ಜಿಲ್ಲಾ ಅಂಗವಿಕಲರ ಕಲ್ಯಾಣಾಧಿಕಾರಿಗಳ ಕಚೇರಿ, ಸಿವಿಲ್ ಇಂಜಿನಿಯರ್ ಕ್ವಾಟ್ರಸ್, ಆಸ್ಪತ್ರೆ ರಸ್ತೆ, ಹೊಸಪೇಟೆ ಇಲ್ಲಿಗೆ ಸಂಪರ್ಕಿಸಬಹುದು ಎಂದು ಪ್ರಕಟಣೆಯಲ್ಲಿ ತಿಳಿಸಿದ್ದಾರೆ.
ವಿವಿಧ ಸೌಲಭ್ಯಕ್ಕೆ ಅರ್ಜಿ ಆಹ್ವಾನ
ಪಾಂಡವ ನ್ಯೂಸ್, ಗದಗ: ಕರ್ನಾಟಕ ಮರಾಠ ಸಮುದಾಯಗಳ ಅಭಿವೃದ್ಧಿ ನಿಗಮದಿಂದ 2025–26 ನೇ ಸಾಲಿನಲ್ಲಿ ವಿವಿಧ ಯೋಜನೆಗಳಡಿ ಸೌಲಭ್ಯ ಪಡೆಯಲು ಅರ್ಹ ಫಲಾನುಭವಿಗಳಿಂದ ಅರ್ಜಿ ಆಹ್ವಾನಿಸಲಾಗಿದೆ. ಅರ್ಜಿ ಸಲ್ಲಿಸಲು ಜೂನ್ 30 ಕೊನೆಯ ದಿನವಾಗಿದ್ದು, ಹೆಚ್ಚಿನ ಮಾಹಿತಿಗಾಗಿ ಜಿಲ್ಲಾ ವ್ಯವಸ್ಥಾಪಕರ ಕಚೇರಿ ದೂರವಾಣಿ ಸಂಖ್ಯೆ 08372–232327 ಹಾಗೂ ನಿಗಮದ ಸಹಾಯವಾಣಿ ಸಂಖ್ಯೆ 8867537799/ ದೂ.ಸಂ. 080–29903994 ಅಥವಾ ನಿಗಮದ ವೆಬ್‌ಸೈಟ್ https://www.kaushalkar.com ಸಂಪರ್ಕಿಸಬಹುದಾಗಿದೆ.
ಜವಾಹರ ನವೋದಯ ವಿದ್ಯಾಲಯ
ಅರ್ಜಿ ಸಲ್ಲಿಕೆಯ ಅವಧಿ ವಿಸ್ತರಣೆ
ಪಾಂಡವ ನ್ಯೂಸ್, ಕೊಪ್ಪಳ: ಕುಷ್ಟಗಿ ತಾಲ್ಲೂಕಿನ ಹೊಳೆಗೌಡನೆಹಳ್ಳಿ ಸರ್ಕಲ್ ಪತ್ತಿಯಲ್ಲಿರುವ ಜವಾಹರ ನವೋದಯ ವಿದ್ಯಾಲಯದ 6ನೇ ತರಗತಿಯ ಪ್ರವೇಶ ಪರೀಕ್ಷೆಗೆ ಆನ್‌ಲೈನ್ ಮೂಲಕ ಅರ್ಜಿ ಸಲ್ಲಿಕೆಯ ಅವಧಿಯನ್ನು ಜುಲೈ 29 ರ ವರೆಗೆ ವಿಸ್ತರಿಸಲಾಗಿದೆ. ಪ್ರವೇಶ ಪರೀಕ್ಷೆಯು ಡಿಸೆಂಬರ್ 13ರಂದು ನಡೆಯಲಿದ್ದು, ಅರ್ಹರು ಆನ್ ಲೈನ್ ವೆಬ್‌ಸೈಟ್ ಗೆ ಭೇಟಿ ನೀಡಿ ಅರ್ಜಿ ಸಲ್ಲಿಸಬಹುದು ಎಂದು ಜವಾಹರ ನವೋದಯ ವಿದ್ಯಾಲಯದ ಪ್ರಾಂಶುಪಾಲರು ಪ್ರಕಟಣೆಯಲ್ಲಿ ತಿಳಿಸಿದ್ದಾರೆ.
ಮುಂಗಾರು ಮಳೆ ಆರಂಭ; ಹಾನಿ ತಡೆಗೆ ಅಗತ್ಯ ಮುಂಜಾಗ್ರತಾ ಕ್ರಮ ಕೈಗೊಳ್ಳಿ
ಬಳ್ಳಾರಿ: ಮುಂಗಾರು ಮಳೆ ಆರಂಭಗೊಂಡಿರುವ ಹಿನ್ನೆಲೆಯಲ್ಲಿ ಮಳೆಯಿಂದಾಗುವ ಹಾನಿ ತಡೆಗೆ ಅಗತ್ಯ ಮುಂಜಾಗ್ರತಾ ಕ್ರಮ ಕೈಗೊಳ್ಳಬೇಕು ಎಂದು ಜಿಲ್ಲಾ ವಿಪತ್ತು ನಿರ್ವಹಣಾ ಪ್ರಾಧಿಕಾರದ ಅಧ್ಯಕ್ಷರೂ ಆದ ಜಿಲ್ಲಾಧಿಕಾರಿ ಪ್ರಶಾಂತ್ ಕುಮಾರ್ ಮಿಶ್ರಾ ಅವರು ಅಧಿಕಾರಿಗಳಿಗೆ ನಿರ್ದೇಶನ ನೀಡಿದರು.
ನಗರದ ಜಿಲ್ಲಾಧಿಕಾರಿಗಳ ಕಚೇರಿಯ ಕಾನ್ಫರೆನ್ಸ್ ವಿಡಿಯೋ ಸಭಾಂಗಣದಲ್ಲಿ ಮುಂಗಾರು ಮಳೆ ಕುರಿತು ಏರ್ಪಡಿಸಿದ್ದ ಜಿಲ್ಲಾ ವಿಪತ್ತು ನಿರ್ವಹಣಾ ಪ್ರಾಧಿಕಾರದ ಸಭೆಯ ಅಧ್ಯಕ್ಷತೆ ವಹಿಸಿ ಮಾತನಾಡಿದರು.
ರಾಜ್ಯ ಹವಾಮಾನ ಇಲಾಖೆಯ ಮುನ್ಸೂಚನೆಯಂತೆ ಈ ಬಾರಿ ಹೆಚ್ಚು ಮಳೆಯಾಗುವ ಸಂಭವವಿರುವುದರಿಂದ ಮುಂದಿನ ದಿನಗಳಲ್ಲಿ ಸಂಭವನೀಯ ಪ್ರವಾಹ ಪರಿಸ್ಥಿತಿಯನ್ನು ಎದುರಿಸಲು ಜಿಲ್ಲೆಯ ಎಲ್ಲಾ ತಾಲ್ಲೂಕು ಆಡಳಿತ ಹಾಗೂ ಇಲಾಖಾ ಅಧಿಕಾರಿಗಳು ಸಿದ್ಧರಾಗಿರಬೇಕು. ಮುಂಜಾಗ್ರತಾ ಕ್ರಮ ಕೈಗೊಳ್ಳಬೇಕು. ಎಲ್ಲಾ ತಾಲ್ಲೂಕು ತಹಶೀಲ್ದಾರರು, ಅಗತ್ಯ ಸಿದ್ಧತೆಗಳನ್ನು ಕೈಗೊಂಡು ಸಮರ್ಪಕವಾಗಿ ನಿರ್ವಹಿಸಬೇಕು ಎಂದರು.
ನದಿ ಪಾತ್ರದ ಗ್ರಾಮಗಳು ಹಾಗೂ ತಗ್ಗು ಪ್ರದೇಶಗಳಲ್ಲಿನ ಜನರ ಸುರಕ್ಷತೆಗೆ ಮುಂಜಾಗ್ರತಾ ಕ್ರಮಕೈಗೊಳ್ಳಬೇಕು. ಸಂಭವನೀಯ ನೆರೆ ಪ್ರವಾಹ ಉಂಟಾಗುವ ಗ್ರಾಮಗಳನ್ನು ಗುರುತಿಸಬೇಕು. ತುಂಗಭದ್ರ ಮತ್ತು ವೇದಾವತಿ ನದಿ ಪಾತ್ರದ ಗ್ರಾಮಗಳ ಜನರ ಸ್ಥಳಾಂತರಕ್ಕೆ ಸಿದ್ಧತೆ ಮಾಡಿಕೊಳ್ಳಬೇಕು ಎಂದು ಸೂಚಿಸಿದರು.
ನದಿ ಪಾತ್ರದ ಸೇತುವೆ ಮುಳುಗಡೆಯಾಗಲಿದ್ದು, ಅಲ್ಲಿ ಎಚ್ಚರಿಕೆ ನೀಡಬೇಕು. ಅದೇ ರೀತಿ, ಬಳ್ಳಾರಿ ತಾಲ್ಲೂಕು ಭಾಗದ ಕೆಲ ಗ್ರಾಮಗಳಲ್ಲಿಯೂ ಸಹ ಸಾರ್ವಜನಿಕರಿಗೆ ಎಚ್ಚರಿಕೆ ನೀಡಬೇಕು ಎಂದು ತಿಳಿಸಿದರು.
ಇತರೆ ಪರ್ಯಾಯ ದಾಸ್ತಾನು ಸಬ್ಸಿಡಿ, ನೀರು ಪೂರೈಕೆ, ವಿದ್ಯುತ್ ವ್ಯವಸ್ಥೆಗಳನ್ನು ಪೂರ್ವತಯಾರಿಯಾಗಿ ಇಟ್ಟುಕೊಳ್ಳಬೇಕು. ಕಂಟ್ರೋಲ್ ರೂಂ ಸ್ಥಾಪಿಸಬೇಕು. ನದಿ ಪಾತ್ರದ ಗ್ರಾಮಗಳಲ್ಲಿ ಸಹಾಯವಾಣಿ ಕೇಂದ್ರ ತೆರೆದು ನಿರಂತರವಾಗಿ ಮೇಲ್ವಿಚಾರಣೆ ಮಾಡಬೇಕು. ಕಾಳಜಿ ಕೇಂದ್ರಗಳನ್ನು ತೆರೆಯಲು ಸ್ಥಳ ಗುರುತಿಸಬೇಕು ಎಂದು ಸೂಚಿಸಿದರು.
ಇಲಾಖೆಯೊಂದಿಗೆ ಸಮನ್ವಯತೆ ಸಾಧಿಸಬೇಕು ಎಂದು ತಿಳಿಸಿದ ಜಿಲ್ಲಾಧಿಕಾರಿಯವರು, ದುರಸ್ಥಿ ವಿದ್ಯುತ್ ಕಂಬಗಳು ಸಹ ಕುಸಿಯುವುದಕ್ಕೆ ಮುನ್ನ ಜೆಸ್ಕಾಂ ಇಲಾಖೆಯ ಗಮನಕ್ಕೆ ತರಬೇಕು ಎಂದು ಸೂಚಿಸಿದರು.
ನಗರ ಹಾಗೂ ಗ್ರಾಮೀಣ ಪ್ರದೇಶಗಳಲ್ಲಿ ನೀರು ನಿಲ್ಲದಂತೆ ಚರಂಡಿಗಳ ಸ್ವಚ್ಛತೆ ಕೈಗೊಳ್ಳಬೇಕು. ಜಾಗೃತಿ ಮೂಡಿಸಬೇಕು. ಸಾಂಕ್ರಾಮಿಕ ರೋಗಗಳು ಹರಡದಂತೆ ಆರೋಗ್ಯ ಇಲಾಖೆ ಅಗತ್ಯ ಕ್ರಮ ಕೈಗೊಳ್ಳಬೇಕು ಎಂದು ಜಿಲ್ಲಾಧಿಕಾರಿ ಪ್ರಶಾಂತ್ ಕುಮಾರ್ ಮಿಶ್ರಾ ಅವರು ನಿರ್ದೇಶನ ನೀಡಿದರು.
–ಮಳೆ–ಸಿಡಿಲು ಕುರಿತು ಜಾಗೃತಿ ಮೂಡಿಸಿ–
ಜಿಲ್ಲೆಯಲ್ಲಿ ಕಳೆದ 3ತಿಂಗಳಲ್ಲಿ ಸುರಿದ ಮಳೆಯಿಂದ 04 ಸಾವು ಪ್ರಕರಣ ವರದಿಯಾಗಿದ್ದು, ಈ ಕುರಿತು ಗ್ರಾಮ ಪಂಚಾಯತಿ ಹಂತದಲ್ಲಿ ಗ್ರಾಮಸ್ಥರಿಗೆ ಜಾಗೃತಿ ಮೂಡಿಸಬೇಕು. 1912 ಸಹಾಯವಾಣಿ ಸಂಖ್ಯೆಗೆ ಕರೆ ಮಾಡುವ ಕುರಿತು ಮಾಹಿತಿ ನೀಡಬೇಕು ಎಂದು ತಿಳಿಸಿದರು.
ರಾಜ್ಯ ಮಟ್ಟದಿಂದಲೂ ಕಟ್ಟುನಿಟ್ಟಿನ ಸೂಚನೆ ನೀಡಿದ್ದು, ಅದರಂತೆ ಜನರ ಪ್ರಾಣಹಾನಿಗೆ ನೇರ ಅಧಿಕಾರಿಗಳನ್ನು ಹೊಣೆಗಾರರನ್ನಾಗಿ ಮಾಡಲಾಗುವುದು ಎಂದು ಜಿಲ್ಲಾಧಿಕಾರಿ ಪ್ರಶಾಂತ್ ಕುಮಾರ್ ಮಿಶ್ರಾ ಎಚ್ಚರಿಸಿದರು.
ಜಿಲ್ಲೆಯಲ್ಲಿ ಮುಂಗಾರು ಮಳೆ ಉತ್ತಮವಾಗಿರುವುದರಿಂದ ಕೃಷಿ ಚಟುವಟಿಕೆಗಳು ಆರಂಭಗೊಳ್ಳುತ್ತಿವೆ. ರೈತರಿಗೆ ಅಗತ್ಯ ಬಿತ್ತನೆ ಬೀಜ, ರಸಗೊಬ್ಬರ ಪೂರೈಕೆಗೆ ಕ್ರಮ ಕೈಗೊಳ್ಳಬೇಕು ಎಂದು ಕೃಷಿ ಇಲಾಖೆ ಅಧಿಕಾರಿಗಳಿಗೆ ತಿಳಿಸಿದರು.
ಈ ಬಾರಿ ಜಿಲ್ಲೆಯಲ್ಲಿ ಬಿತ್ತನೆ ಪ್ರಮಾಣ ಹೆಚ್ಚಾಗುವ ಸಾಧ್ಯತೆ ಇದ್ದು, ಬಿತ್ತನೆ ಬೀಜದ ಕೊರತೆ ಆಗದಂತೆ ನೋಡಿಕೊಳ್ಳಬೇಕು. ಕೃಷಿ ಇಲಾಖೆಯ ಅಧಿಕಾರಿಗಳು ರೈತ ಸಂಪರ್ಕ ಕೇಂದ್ರಗಳಲ್ಲಿ ರೈತರಿಗೆ ಮಾಹಿತಿ ನೀಡಬೇಕು ಎಂದು ತಿಳಿಸಿದರು.
ಸಭೆಯಲ್ಲಿ ಜಿಪಂ ಸಿಇಒ ಮಹಮ್ಮದ್ ಹಾರಿಸ್ ಸುಮೈರ್, ಎಸ್ಪಿ, ಸಹಾಯಕ ಆಯುಕ್ತ ಪಿ.ಪ್ರಮೋದ್, ಜಂಟಿ ಕೃಷಿ ನಿರ್ದೇಶಕ ಸೋಮಸುಂದರ್, ತೋಟಗಾರಿಕೆ ಇಲಾಖೆಯ ಉಪನಿರ್ದೇಶಕ ಸಂತೋಷ್ ಸಪ್ಪಂಡಿ ಸೇರಿದಂತೆ ಜಿಲ್ಲಾ ಮಟ್ಟದ ಅಧಿಕಾರಿಗಳು ಹಾಗೂ ಎಲ್ಲಾ ತಾಲ್ಲೂಕುಗಳ ತಹಶೀಲ್ದಾರರು ಭಾಗವಹಿಸಿದ್ದರು.
